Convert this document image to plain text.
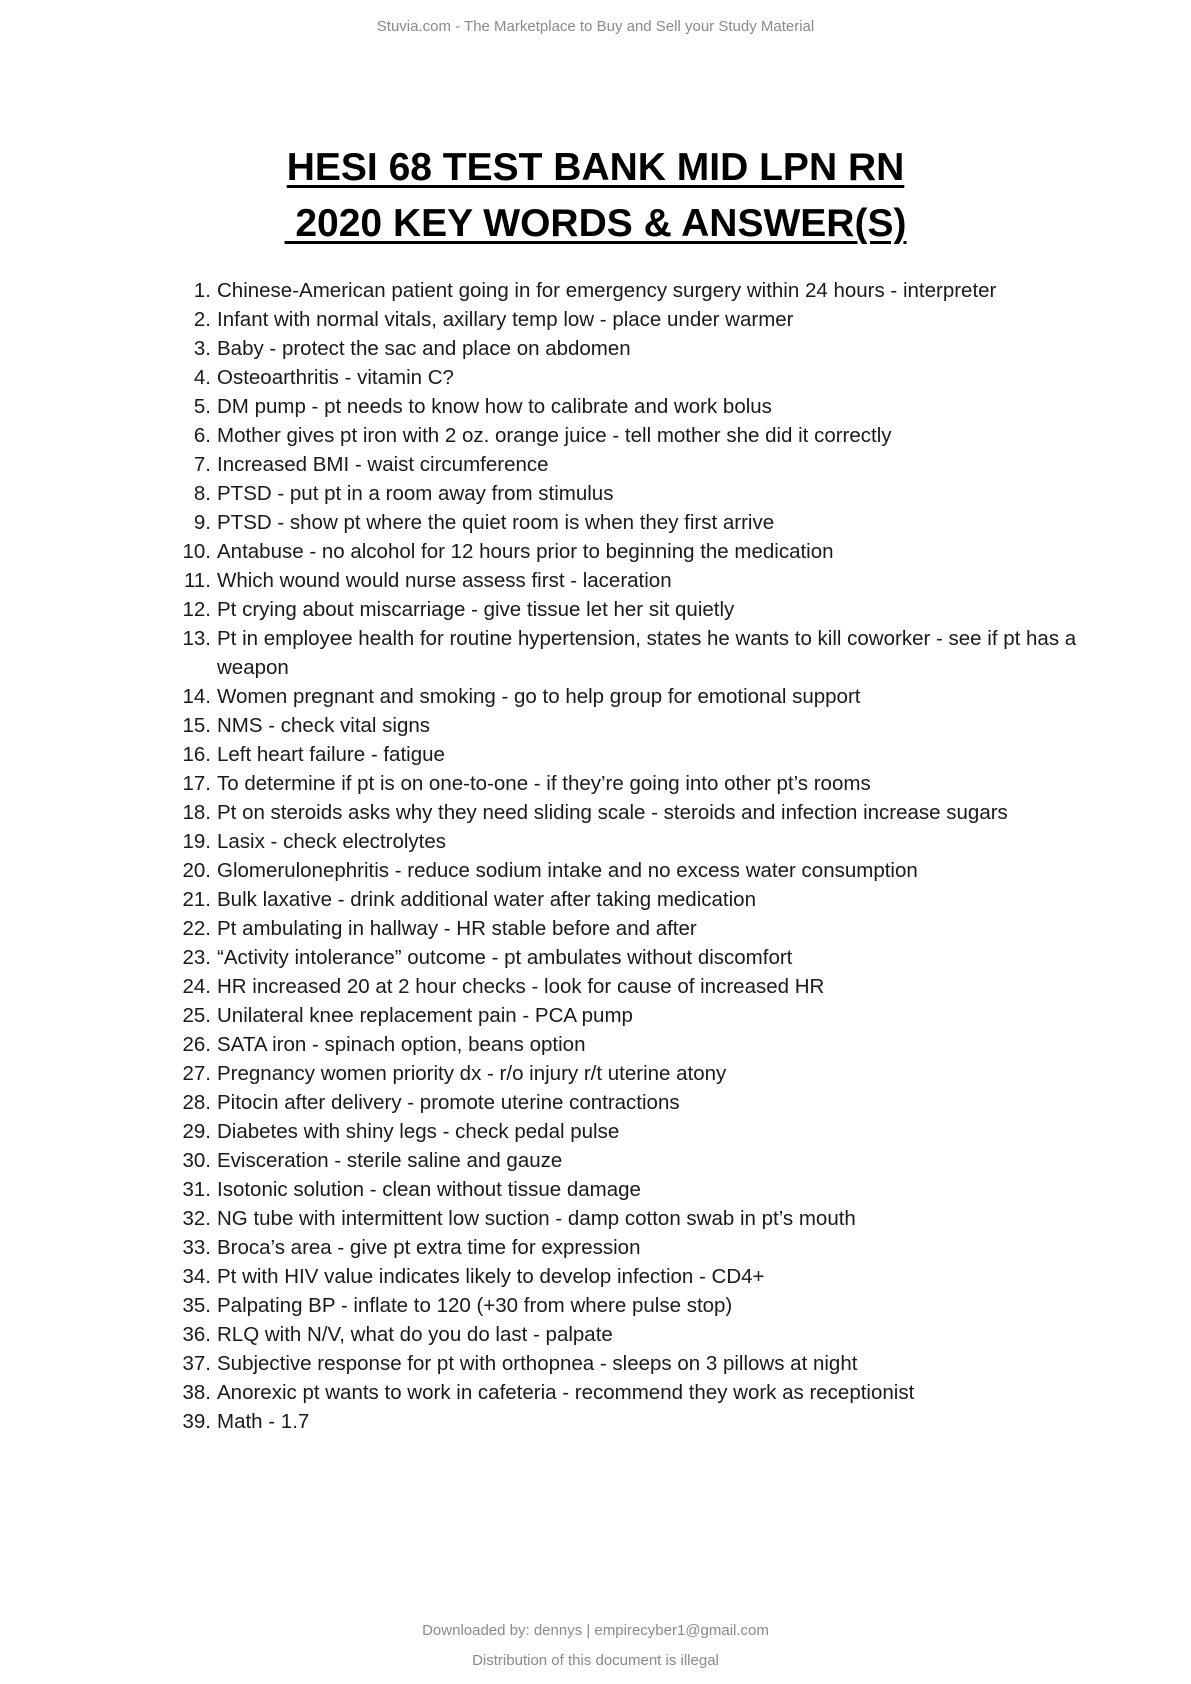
Stuvia.com - The Marketplace to Buy and Sell your Study Material
HESI 68 TEST BANK MID LPN RN
2020 KEY WORDS & ANSWER(S)
1. Chinese-American patient going in for emergency surgery within 24 hours - interpreter
2. Infant with normal vitals, axillary temp low - place under warmer
3. Baby - protect the sac and place on abdomen
4. Osteoarthritis - vitamin C?
5. DM pump - pt needs to know how to calibrate and work bolus
6. Mother gives pt iron with 2 oz. orange juice - tell mother she did it correctly
7. Increased BMI - waist circumference
8. PTSD - put pt in a room away from stimulus
9. PTSD - show pt where the quiet room is when they first arrive
10. Antabuse - no alcohol for 12 hours prior to beginning the medication
11. Which wound would nurse assess first - laceration
12. Pt crying about miscarriage - give tissue let her sit quietly
13. Pt in employee health for routine hypertension, states he wants to kill coworker - see if pt has a weapon
14. Women pregnant and smoking - go to help group for emotional support
15. NMS - check vital signs
16. Left heart failure - fatigue
17. To determine if pt is on one-to-one - if they’re going into other pt’s rooms
18. Pt on steroids asks why they need sliding scale - steroids and infection increase sugars
19. Lasix - check electrolytes
20. Glomerulonephritis - reduce sodium intake and no excess water consumption
21. Bulk laxative - drink additional water after taking medication
22. Pt ambulating in hallway - HR stable before and after
23. “Activity intolerance” outcome - pt ambulates without discomfort
24. HR increased 20 at 2 hour checks - look for cause of increased HR
25. Unilateral knee replacement pain - PCA pump
26. SATA iron - spinach option, beans option
27. Pregnancy women priority dx - r/o injury r/t uterine atony
28. Pitocin after delivery - promote uterine contractions
29. Diabetes with shiny legs - check pedal pulse
30. Evisceration - sterile saline and gauze
31. Isotonic solution - clean without tissue damage
32. NG tube with intermittent low suction - damp cotton swab in pt’s mouth
33. Broca’s area - give pt extra time for expression
34. Pt with HIV value indicates likely to develop infection - CD4+
35. Palpating BP - inflate to 120 (+30 from where pulse stop)
36. RLQ with N/V, what do you do last - palpate
37. Subjective response for pt with orthopnea - sleeps on 3 pillows at night
38. Anorexic pt wants to work in cafeteria - recommend they work as receptionist
39. Math - 1.7
Downloaded by: dennys | empirecyber1@gmail.com
Distribution of this document is illegal
